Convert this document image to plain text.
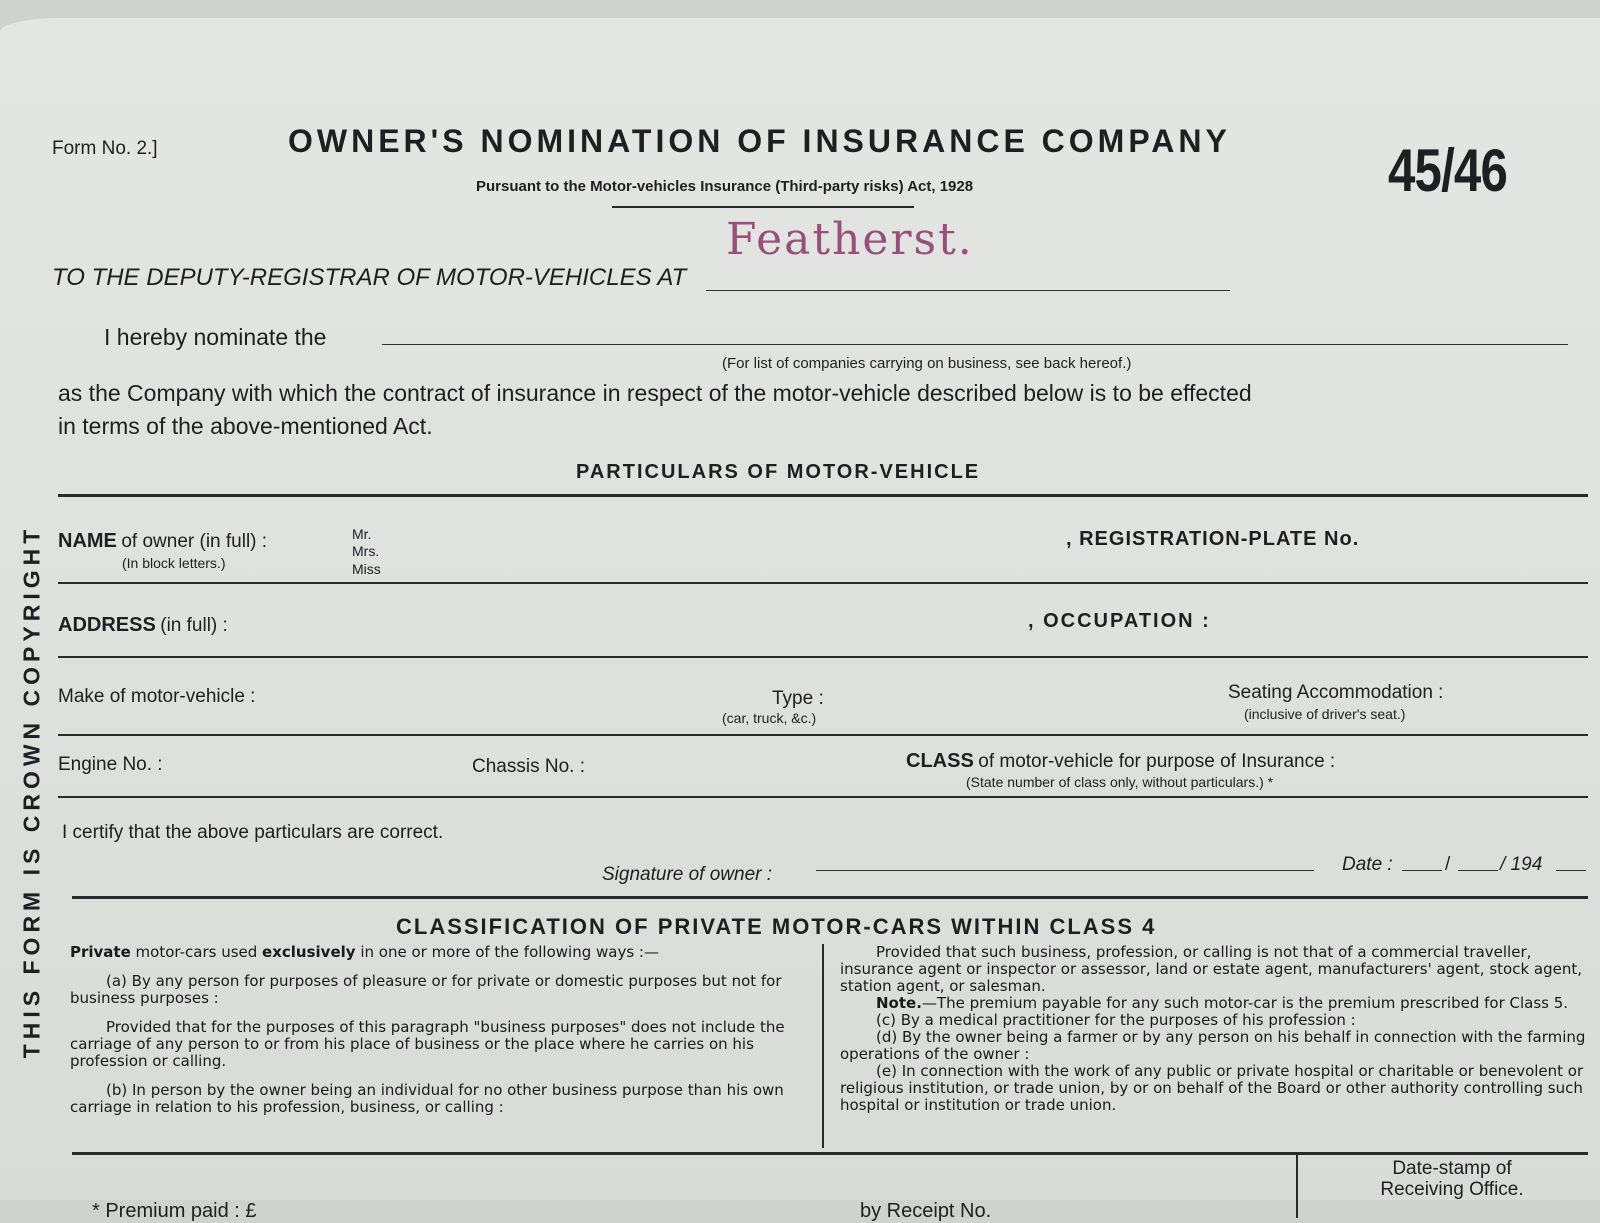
Form No. 2.]	OWNER'S NOMINATION OF INSURANCE COMPANY
Pursuant to the Motor-vehicles Insurance (Third-party risks) Act, 1928	45/46
TO THE DEPUTY-REGISTRAR OF MOTOR-VEHICLES AT
Featherst.
I hereby nominate the
(For list of companies carrying on business, see back hereof.)
as the Company with which the contract of insurance in respect of the motor-vehicle described below is to be effected
in terms of the above-mentioned Act.
PARTICULARS OF MOTOR-VEHICLE
NAME of owner (in full) :
(In block letters.)
Mr.
Mrs.
Miss
, REGISTRATION-PLATE No.
ADDRESS (in full) :	, OCCUPATION :
Make of motor-vehicle :	Type :
(car, truck, &c.)
Seating Accommodation :
(inclusive of driver's seat.)
Engine No. :	Chassis No. :	CLASS of motor-vehicle for purpose of Insurance :
(State number of class only, without particulars.) *
I certify that the above particulars are correct.
Signature of owner :	Date :	/	/ 194
CLASSIFICATION OF PRIVATE MOTOR-CARS WITHIN CLASS 4
Private motor-cars used exclusively in one or more of the following ways :—
(a) By any person for purposes of pleasure or for private or domestic purposes but not for business purposes :
Provided that for the purposes of this paragraph "business purposes" does not include the carriage of any person to or from his place of business or the place where he carries on his profession or calling.
(b) In person by the owner being an individual for no other business purpose than his own carriage in relation to his profession, business, or calling :
Provided that such business, profession, or calling is not that of a commercial traveller, insurance agent or inspector or assessor, land or estate agent, manufacturers' agent, stock agent, station agent, or salesman.
Note.—The premium payable for any such motor-car is the premium prescribed for Class 5.
(c) By a medical practitioner for the purposes of his profession :
(d) By the owner being a farmer or by any person on his behalf in connection with the farming operations of the owner :
(e) In connection with the work of any public or private hospital or charitable or benevolent or religious institution, or trade union, by or on behalf of the Board or other authority controlling such hospital or institution or trade union.
THIS FORM IS CROWN COPYRIGHT
Date-stamp of Receiving Office.
* Premium paid : £	by Receipt No.
